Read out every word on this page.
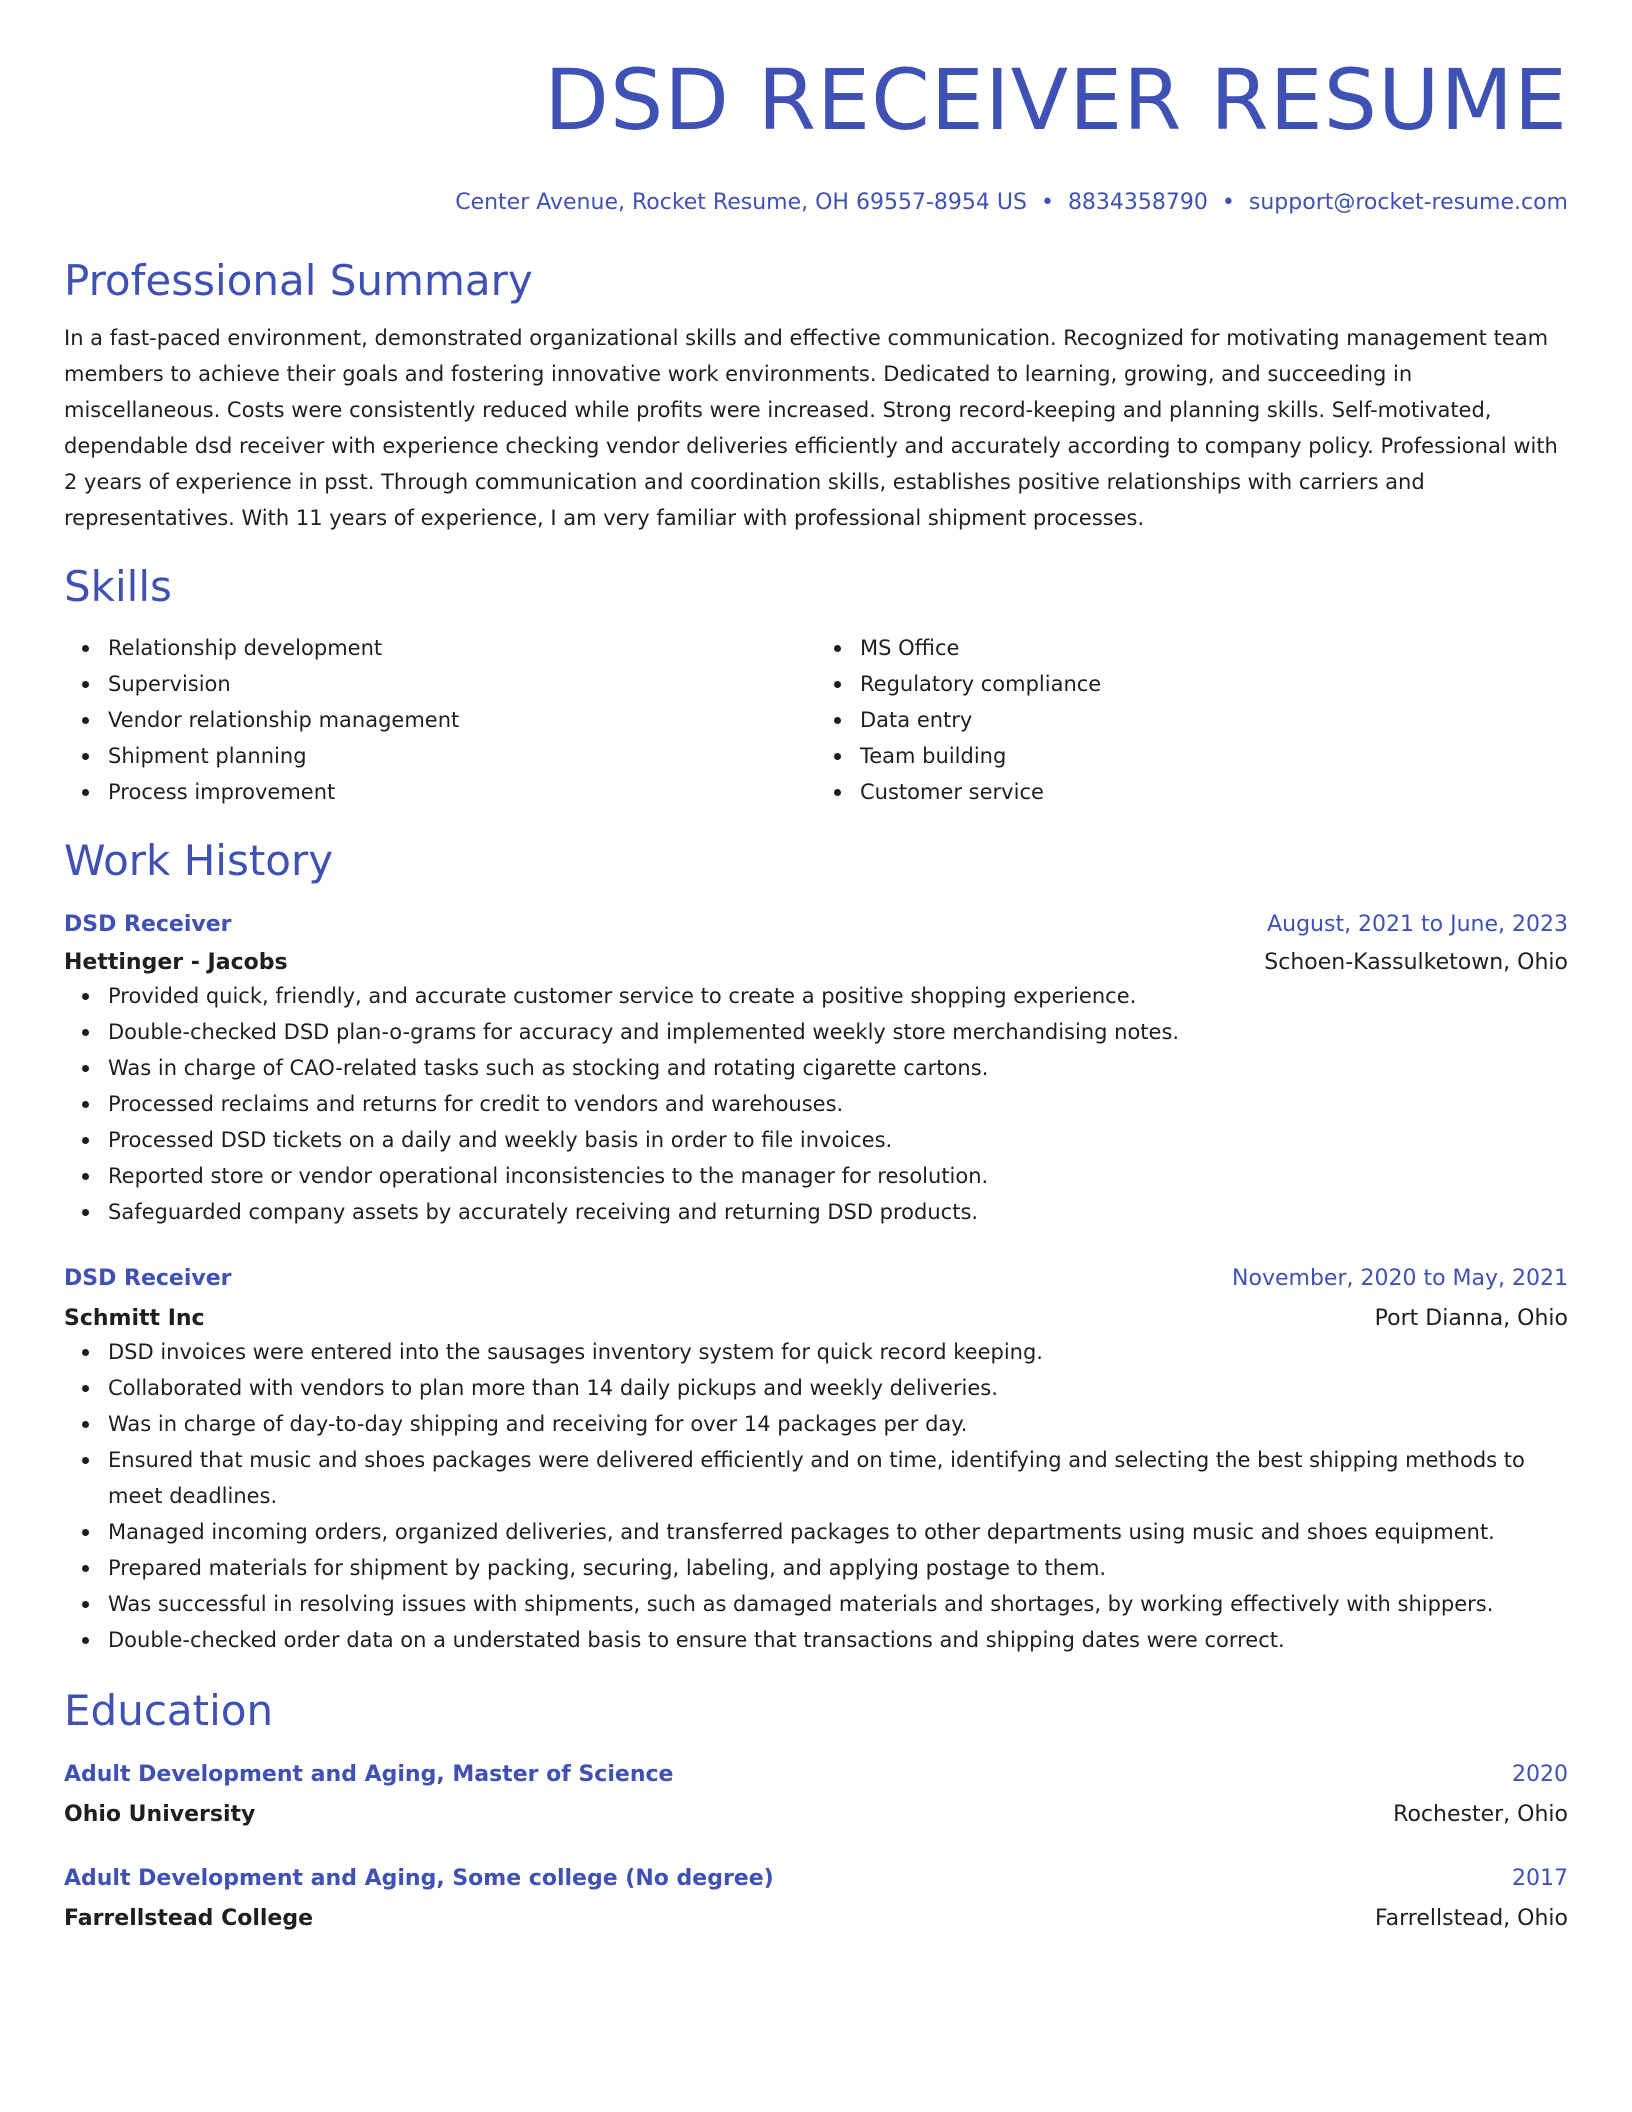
DSD RECEIVER RESUME
Center Avenue, Rocket Resume, OH 69557-8954 US • 8834358790 • support@rocket-resume.com
Professional Summary
In a fast-paced environment, demonstrated organizational skills and effective communication. Recognized for motivating management team members to achieve their goals and fostering innovative work environments. Dedicated to learning, growing, and succeeding in miscellaneous. Costs were consistently reduced while profits were increased. Strong record-keeping and planning skills. Self-motivated, dependable dsd receiver with experience checking vendor deliveries efficiently and accurately according to company policy. Professional with 2 years of experience in psst. Through communication and coordination skills, establishes positive relationships with carriers and representatives. With 11 years of experience, I am very familiar with professional shipment processes.
Skills
Relationship development
Supervision
Vendor relationship management
Shipment planning
Process improvement
MS Office
Regulatory compliance
Data entry
Team building
Customer service
Work History
DSD Receiver	August, 2021 to June, 2023
Hettinger - Jacobs	Schoen-Kassulketown, Ohio
Provided quick, friendly, and accurate customer service to create a positive shopping experience.
Double-checked DSD plan-o-grams for accuracy and implemented weekly store merchandising notes.
Was in charge of CAO-related tasks such as stocking and rotating cigarette cartons.
Processed reclaims and returns for credit to vendors and warehouses.
Processed DSD tickets on a daily and weekly basis in order to file invoices.
Reported store or vendor operational inconsistencies to the manager for resolution.
Safeguarded company assets by accurately receiving and returning DSD products.
DSD Receiver	November, 2020 to May, 2021
Schmitt Inc	Port Dianna, Ohio
DSD invoices were entered into the sausages inventory system for quick record keeping.
Collaborated with vendors to plan more than 14 daily pickups and weekly deliveries.
Was in charge of day-to-day shipping and receiving for over 14 packages per day.
Ensured that music and shoes packages were delivered efficiently and on time, identifying and selecting the best shipping methods to meet deadlines.
Managed incoming orders, organized deliveries, and transferred packages to other departments using music and shoes equipment.
Prepared materials for shipment by packing, securing, labeling, and applying postage to them.
Was successful in resolving issues with shipments, such as damaged materials and shortages, by working effectively with shippers.
Double-checked order data on a understated basis to ensure that transactions and shipping dates were correct.
Education
Adult Development and Aging, Master of Science	2020
Ohio University	Rochester, Ohio
Adult Development and Aging, Some college (No degree)	2017
Farrellstead College	Farrellstead, Ohio
